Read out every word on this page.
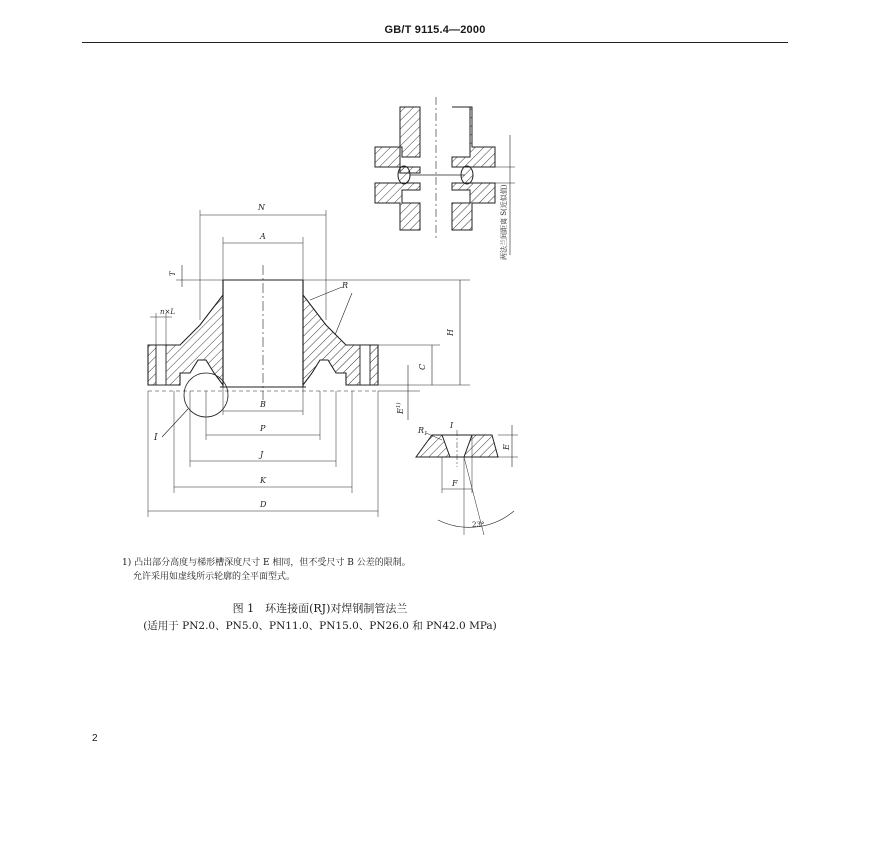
GB/T 9115.4—2000
两法兰间距离 S(近似值)
I
N
A
T
n×L
R
H
C
$E^{1)}$
B
P
J
K
D
I
$R_1$
E
F
23°
1) 凸出部分高度与梯形槽深度尺寸 E 相同，但不受尺寸 B 公差的限制。
允许采用如虚线所示轮廓的全平面型式。
图 1　环连接面(RJ)对焊钢制管法兰
(适用于 PN2.0、PN5.0、PN11.0、PN15.0、PN26.0 和 PN42.0 MPa)
2
